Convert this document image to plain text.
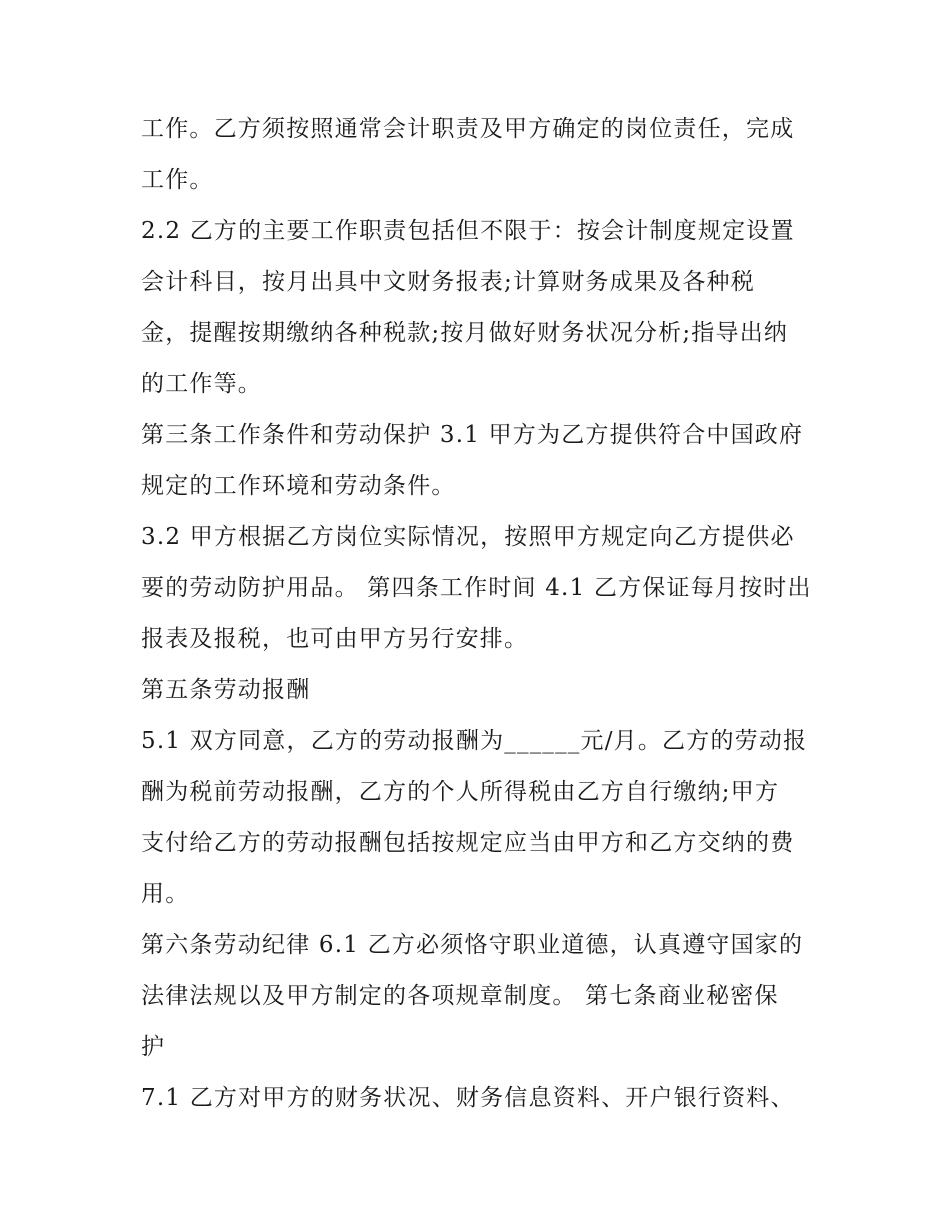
工作。乙方须按照通常会计职责及甲方确定的岗位责任，完成
工作。
2.2 乙方的主要工作职责包括但不限于：按会计制度规定设置
会计科目，按月出具中文财务报表;计算财务成果及各种税
金，提醒按期缴纳各种税款;按月做好财务状况分析;指导出纳
的工作等。
第三条工作条件和劳动保护 3.1 甲方为乙方提供符合中国政府
规定的工作环境和劳动条件。
3.2 甲方根据乙方岗位实际情况，按照甲方规定向乙方提供必
要的劳动防护用品。 第四条工作时间 4.1 乙方保证每月按时出
报表及报税，也可由甲方另行安排。
第五条劳动报酬
5.1 双方同意，乙方的劳动报酬为______元/月。乙方的劳动报
酬为税前劳动报酬，乙方的个人所得税由乙方自行缴纳;甲方
支付给乙方的劳动报酬包括按规定应当由甲方和乙方交纳的费
用。
第六条劳动纪律 6.1 乙方必须恪守职业道德，认真遵守国家的
法律法规以及甲方制定的各项规章制度。 第七条商业秘密保
护
7.1 乙方对甲方的财务状况、财务信息资料、开户银行资料、
